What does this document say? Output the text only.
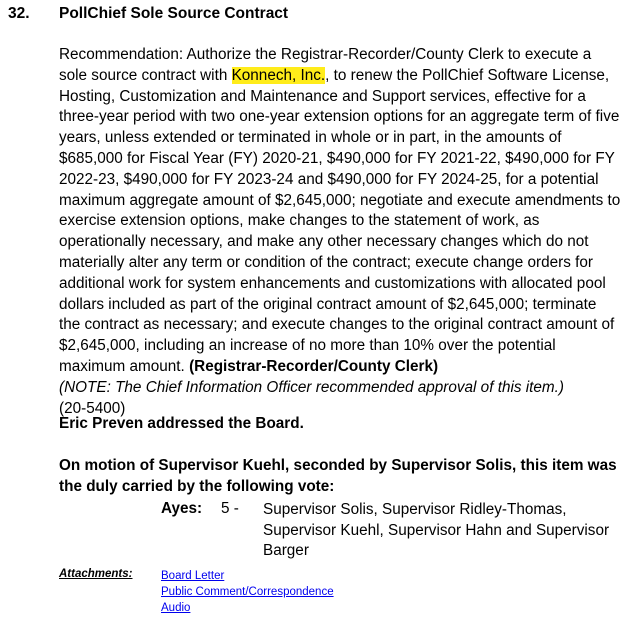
32. PollChief Sole Source Contract

Recommendation: Authorize the Registrar-Recorder/County Clerk to execute a sole source contract with Konnech, Inc., to renew the PollChief Software License, Hosting, Customization and Maintenance and Support services, effective for a three-year period with two one-year extension options for an aggregate term of five years, unless extended or terminated in whole or in part, in the amounts of $685,000 for Fiscal Year (FY) 2020-21, $490,000 for FY 2021-22, $490,000 for FY 2022-23, $490,000 for FY 2023-24 and $490,000 for FY 2024-25, for a potential maximum aggregate amount of $2,645,000; negotiate and execute amendments to exercise extension options, make changes to the statement of work, as operationally necessary, and make any other necessary changes which do not materially alter any term or condition of the contract; execute change orders for additional work for system enhancements and customizations with allocated pool dollars included as part of the original contract amount of $2,645,000; terminate the contract as necessary; and execute changes to the original contract amount of $2,645,000, including an increase of no more than 10% over the potential maximum amount. (Registrar-Recorder/County Clerk)
(NOTE: The Chief Information Officer recommended approval of this item.)
(20-5400)

Eric Preven addressed the Board.
On motion of Supervisor Kuehl, seconded by Supervisor Solis, this item was the duly carried by the following vote:
Ayes: 5 - Supervisor Solis, Supervisor Ridley-Thomas, Supervisor Kuehl, Supervisor Hahn and Supervisor Barger
Attachments: Board Letter
Public Comment/Correspondence
Audio
